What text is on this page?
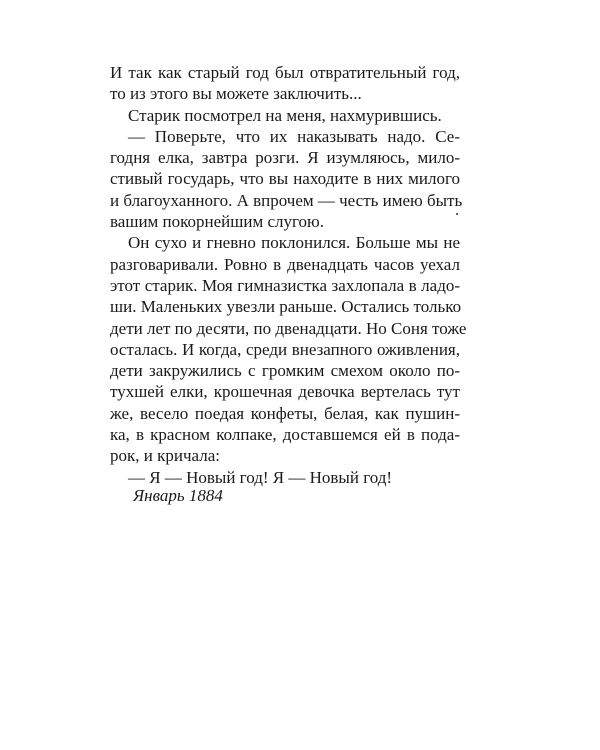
И так как старый год был отвратительный год,
то из этого вы можете заключить...
Старик посмотрел на меня, нахмурившись.
— Поверьте, что их наказывать надо. Се-
годня елка, завтра розги. Я изумляюсь, мило-
стивый государь, что вы находите в них милого
и благоуханного. А впрочем — честь имею быть
вашим покорнейшим слугою.
Он сухо и гневно поклонился. Больше мы не
разговаривали. Ровно в двенадцать часов уехал
этот старик. Моя гимназистка захлопала в ладо-
ши. Маленьких увезли раньше. Остались только
дети лет по десяти, по двенадцати. Но Соня тоже
осталась. И когда, среди внезапного оживления,
дети закружились с громким смехом около по-
тухшей елки, крошечная девочка вертелась тут
же, весело поедая конфеты, белая, как пушин-
ка, в красном колпаке, доставшемся ей в пода-
рок, и кричала:
— Я — Новый год! Я — Новый год!
Январь 1884
